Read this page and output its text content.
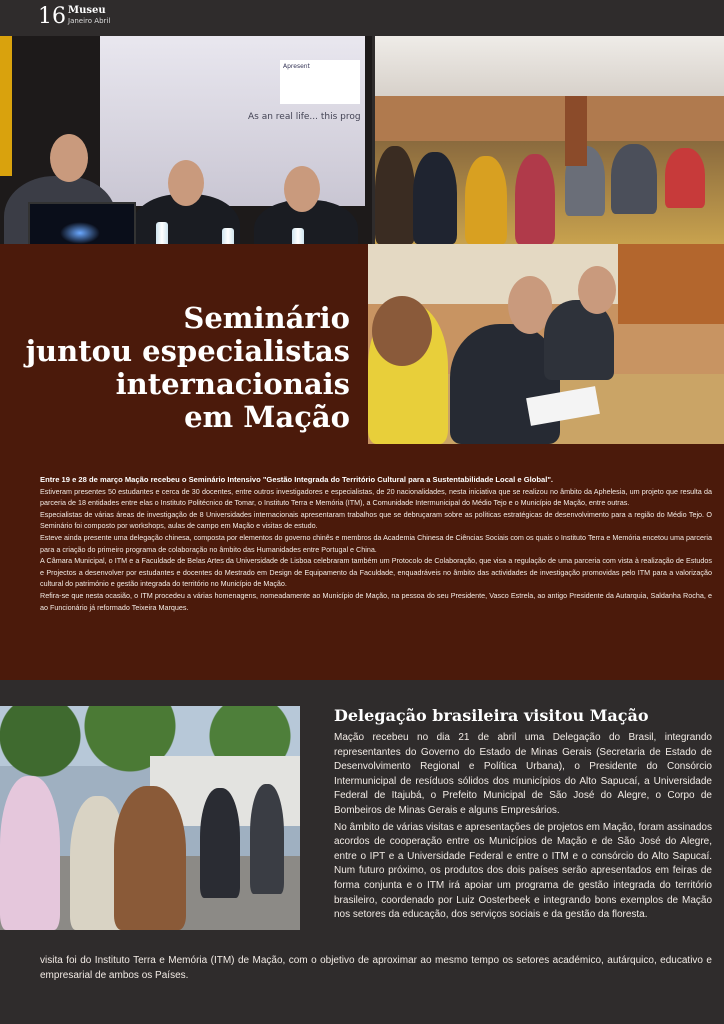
16 Museu
Janeiro Abril
Apresent
As an real life... this prog
Seminário
juntou especialistas
internacionais
em Mação

Entre 19 e 28 de março Mação recebeu o Seminário Intensivo "Gestão Integrada do Território Cultural para a Sustentabilidade Local e Global".

Estiveram presentes 50 estudantes e cerca de 30 docentes, entre outros investigadores e especialistas, de 20 nacionalidades, nesta iniciativa que se realizou no âmbito da Aphelesia, um projeto que resulta da parceria de 18 entidades entre elas o Instituto Politécnico de Tomar, o Instituto Terra e Memória (ITM), a Comunidade Intermunicipal do Médio Tejo e o Município de Mação, entre outras.

Especialistas de várias áreas de investigação de 8 Universidades internacionais apresentaram trabalhos que se debruçaram sobre as políticas estratégicas de desenvolvimento para a região do Médio Tejo. O Seminário foi composto por workshops, aulas de campo em Mação e visitas de estudo.

Esteve ainda presente uma delegação chinesa, composta por elementos do governo chinês e membros da Academia Chinesa de Ciências Sociais com os quais o Instituto Terra e Memória encetou uma parceria para a criação do primeiro programa de colaboração no âmbito das Humanidades entre Portugal e China.

A Câmara Municipal, o ITM e a Faculdade de Belas Artes da Universidade de Lisboa celebraram também um Protocolo de Colaboração, que visa a regulação de uma parceria com vista à realização de Estudos e Projectos a desenvolver por estudantes e docentes do Mestrado em Design de Equipamento da Faculdade, enquadráveis no âmbito das actividades de investigação promovidas pelo ITM para a valorização cultural do património e gestão integrada do território no Município de Mação.

Refira-se que nesta ocasião, o ITM procedeu a várias homenagens, nomeadamente ao Município de Mação, na pessoa do seu Presidente, Vasco Estrela, ao antigo Presidente da Autarquia, Saldanha Rocha, e ao Funcionário já reformado Teixeira Marques.

Delegação brasileira visitou Mação

Mação recebeu no dia 21 de abril uma Delegação do Brasil, integrando representantes do Governo do Estado de Minas Gerais (Secretaria de Estado de Desenvolvimento Regional e Política Urbana), o Presidente do Consórcio Intermunicipal de resíduos sólidos dos municípios do Alto Sapucaí, a Universidade Federal de Itajubá, o Prefeito Municipal de São José do Alegre, o Corpo de Bombeiros de Minas Gerais e alguns Empresários.

No âmbito de várias visitas e apresentações de projetos em Mação, foram assinados acordos de cooperação entre os Municípios de Mação e de São José do Alegre, entre o IPT e a Universidade Federal e entre o ITM e o consórcio do Alto Sapucaí. Num futuro próximo, os produtos dos dois países serão apresentados em feiras de forma conjunta e o ITM irá apoiar um programa de gestão integrada do território brasileiro, coordenado por Luiz Oosterbeek e integrando bons exemplos de Mação nos setores da educação, dos serviços sociais e da gestão da floresta.

visita foi do Instituto Terra e Memória (ITM) de Mação, com o objetivo de aproximar ao mesmo tempo os setores académico, autárquico, educativo e empresarial de ambos os Países.
